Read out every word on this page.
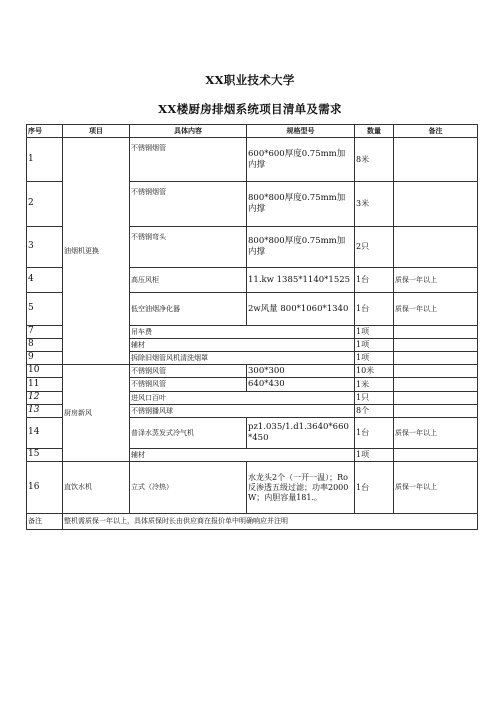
XX职业技术大学
XX楼厨房排烟系统项目清单及需求
序号	项目	具体内容	规格型号	数量	备注
1	油烟机更换	不锈钢烟管	600*600厚度0.75mm加内撑	8米	
2		不锈钢烟管	800*800厚度0.75mm加内撑	3米	
3		不锈钢弯头	800*800厚度0.75mm加内撑	2只	
4		高压风柜	11.kw 1385*1140*1525	1台	质保一年以上
5		低空油烟净化器	2w风量 800*1060*1340	1台	质保一年以上
7		吊车费		1项	
8		辅材		1项	
9		拆除旧烟管风机清洗烟罩		1项	
10	厨房新风	不锈钢风管	300*300	10米	
11		不锈钢风管	640*430	1米	
12		进风口百叶		1只	
13		不锈钢播风球		8个	
14		普泽水蒸发式冷气机	pz1.035/1.d1.3640*660*450	1台	质保一年以上
15		辅材		1项	
16	直饮水机	立式（冷热）	水龙头2个（一开一温）；Ro反渗透五级过滤；功率2000W；内胆容量181.。	1台	质保一年以上
备注	整机需质保一年以上，具体质保时长由供应商在报价单中明确响应并注明				
